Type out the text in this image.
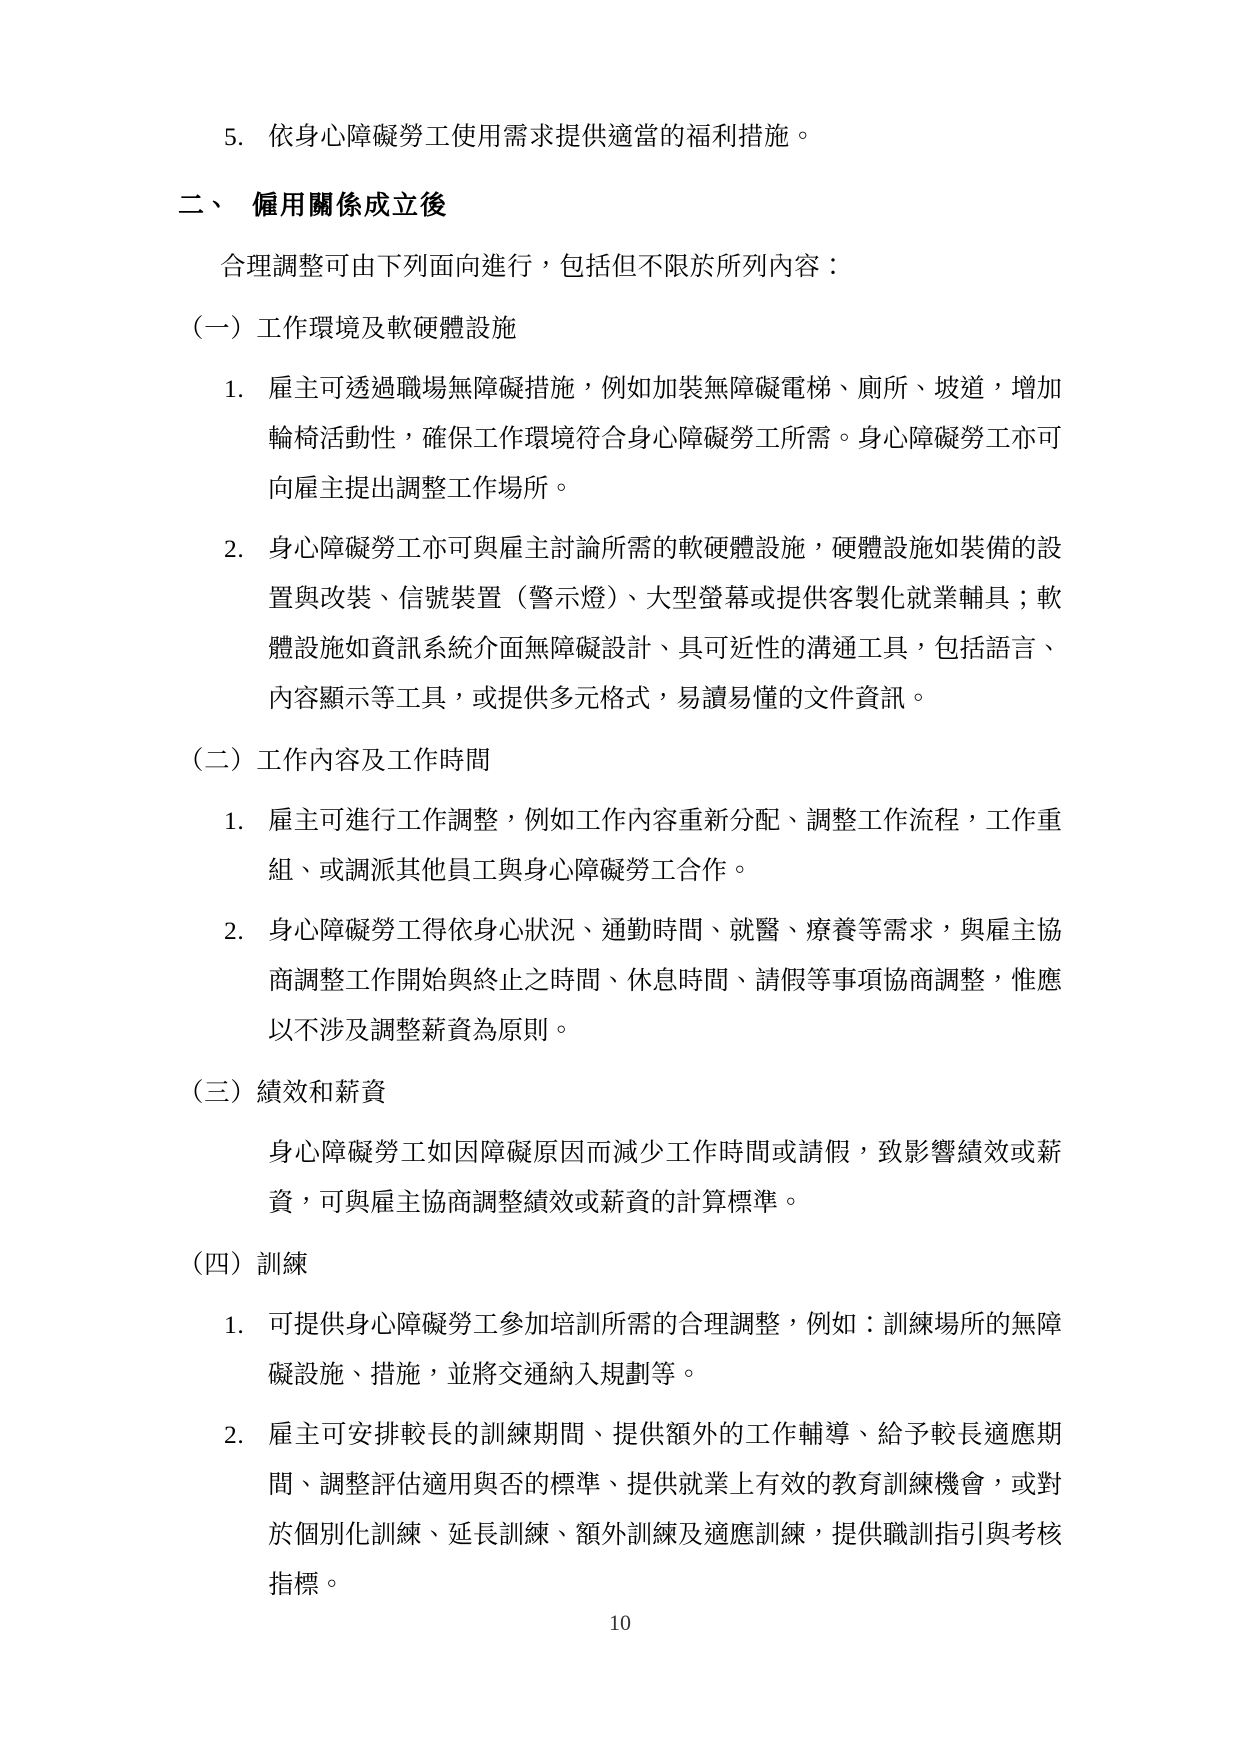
5. 依身心障礙勞工使用需求提供適當的福利措施。
二、 僱用關係成立後
合理調整可由下列面向進行，包括但不限於所列內容：
（一）工作環境及軟硬體設施
1. 雇主可透過職場無障礙措施，例如加裝無障礙電梯、廁所、坡道，增加輪椅活動性，確保工作環境符合身心障礙勞工所需。身心障礙勞工亦可向雇主提出調整工作場所。
2. 身心障礙勞工亦可與雇主討論所需的軟硬體設施，硬體設施如裝備的設置與改裝、信號裝置（警示燈）、大型螢幕或提供客製化就業輔具；軟體設施如資訊系統介面無障礙設計、具可近性的溝通工具，包括語言、內容顯示等工具，或提供多元格式，易讀易懂的文件資訊。
（二）工作內容及工作時間
1. 雇主可進行工作調整，例如工作內容重新分配、調整工作流程，工作重組、或調派其他員工與身心障礙勞工合作。
2. 身心障礙勞工得依身心狀況、通勤時間、就醫、療養等需求，與雇主協商調整工作開始與終止之時間、休息時間、請假等事項協商調整，惟應以不涉及調整薪資為原則。
（三）績效和薪資
身心障礙勞工如因障礙原因而減少工作時間或請假，致影響績效或薪資，可與雇主協商調整績效或薪資的計算標準。
（四）訓練
1. 可提供身心障礙勞工參加培訓所需的合理調整，例如：訓練場所的無障礙設施、措施，並將交通納入規劃等。
2. 雇主可安排較長的訓練期間、提供額外的工作輔導、給予較長適應期間、調整評估適用與否的標準、提供就業上有效的教育訓練機會，或對於個別化訓練、延長訓練、額外訓練及適應訓練，提供職訓指引與考核指標。
10
